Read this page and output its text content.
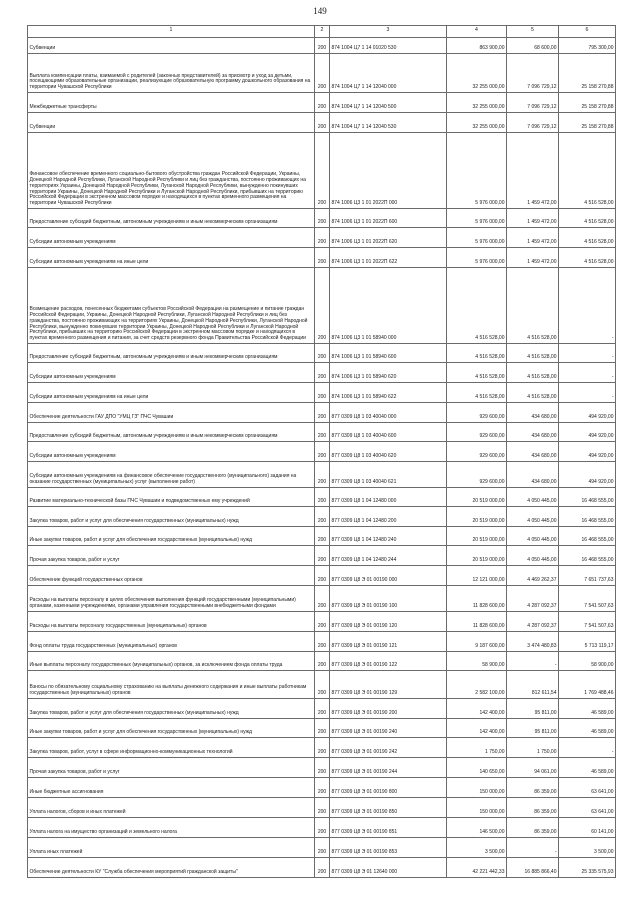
149
1	2	3	4	5	6
Субвенции	200	874 1004 Ц7 1 14 01020 530	863 900,00	68 600,00	795 300,00
Выплата компенсации платы, взимаемой с родителей (законных представителей) за присмотр и уход за детьми, посещающими образовательные организации, реализующие образовательную программу дошкольного образования на территории Чувашской Республики	200	874 1004 Ц7 1 14 12040 000	32 255 000,00	7 096 729,12	25 158 270,88
Межбюджетные трансферты	200	874 1004 Ц7 1 14 12040 500	32 255 000,00	7 096 729,12	25 158 270,88
Субвенции	200	874 1004 Ц7 1 14 12040 530	32 255 000,00	7 096 729,12	25 158 270,88
Финансовое обеспечение временного социально-бытового обустройства граждан Российской Федерации, Украины, Донецкой Народной Республики, Луганской Народной Республики и лиц без гражданства, постоянно проживающих на территориях Украины, Донецкой Народной Республики, Луганской Народной Республики, вынужденно покинувших территории Украины, Донецкой Народной Республики и Луганской Народной Республики, прибывших на территорию Российской Федерации в экстренном массовом порядке и находящихся в пунктах временного размещения на территории Чувашской Республики	200	874 1006 Ц3 1 01 2022П 000	5 976 000,00	1 459 472,00	4 516 528,00
Предоставление субсидий бюджетным, автономным учреждениям и иным некоммерческим организациям	200	874 1006 Ц3 1 01 2022П 600	5 976 000,00	1 459 472,00	4 516 528,00
Субсидии автономным учреждениям	200	874 1006 Ц3 1 01 2022П 620	5 976 000,00	1 459 472,00	4 516 528,00
Субсидии автономным учреждениям на иные цели	200	874 1006 Ц3 1 01 2022П 622	5 976 000,00	1 459 472,00	4 516 528,00
Возмещение расходов, понесенных бюджетами субъектов Российской Федерации на размещение и питание граждан Российской Федерации, Украины, Донецкой Народной Республики, Луганской Народной Республики и лиц без гражданства, постоянно проживающих на территориях Украины, Донецкой Народной Республики, Луганской Народной Республики, вынужденно покинувших территории Украины, Донецкой Народной Республики и Луганской Народной Республики, прибывших на территорию Российской Федерации в экстренном массовом порядке и находящихся в пунктах временного размещения и питания, за счет средств резервного фонда Правительства Российской Федерации	200	874 1006 Ц3 1 01 58940 000	4 516 528,00	4 516 528,00	-
Предоставление субсидий бюджетным, автономным учреждениям и иным некоммерческим организациям	200	874 1006 Ц3 1 01 58940 600	4 516 528,00	4 516 528,00	-
Субсидии автономным учреждениям	200	874 1006 Ц3 1 01 58940 620	4 516 528,00	4 516 528,00	-
Субсидии автономным учреждениям на иные цели	200	874 1006 Ц3 1 01 58940 622	4 516 528,00	4 516 528,00	-
Обеспечение деятельности ГАУ ДПО "УМЦ ГЗ" ПЧС Чувашии	200	877 0309 Ц8 1 03 40040 000	929 600,00	434 680,00	494 920,00
Предоставление субсидий бюджетным, автономным учреждениям и иным некоммерческим организациям	200	877 0309 Ц8 1 03 40040 600	929 600,00	434 680,00	494 920,00
Субсидии автономным учреждениям	200	877 0309 Ц8 1 03 40040 620	929 600,00	434 680,00	494 920,00
Субсидии автономным учреждениям на финансовое обеспечение государственного (муниципального) задания на оказание государственных (муниципальных) услуг (выполнение работ)	200	877 0309 Ц8 1 03 40040 621	929 600,00	434 680,00	494 920,00
Развитие материально-технической базы ПЧС Чувашии и подведомственных ему учреждений	200	877 0309 Ц8 1 04 12480 000	20 519 000,00	4 050 445,00	16 468 555,00
Закупка товаров, работ и услуг для обеспечения государственных (муниципальных) нужд	200	877 0309 Ц8 1 04 12480 200	20 519 000,00	4 050 445,00	16 468 555,00
Иные закупки товаров, работ и услуг для обеспечения государственных (муниципальных) нужд	200	877 0309 Ц8 1 04 12480 240	20 519 000,00	4 050 445,00	16 468 555,00
Прочая закупка товаров, работ и услуг	200	877 0309 Ц8 1 04 12480 244	20 519 000,00	4 050 445,00	16 468 555,00
Обеспечение функций государственных органов	200	877 0309 Ц8 Э 01 00190 000	12 121 000,00	4 469 262,37	7 651 737,63
Расходы на выплаты персоналу в целях обеспечения выполнения функций государственными (муниципальными) органами, казенными учреждениями, органами управления государственными внебюджетными фондами	200	877 0309 Ц8 Э 01 00190 100	11 828 600,00	4 287 092,37	7 541 507,63
Расходы на выплаты персоналу государственных (муниципальных) органов	200	877 0309 Ц8 Э 01 00190 120	11 828 600,00	4 287 092,37	7 541 507,63
Фонд оплаты труда государственных (муниципальных) органов	200	877 0309 Ц8 Э 01 00190 121	9 187 600,00	3 474 480,83	5 713 119,17
Иные выплаты персоналу государственных (муниципальных) органов, за исключением фонда оплаты труда	200	877 0309 Ц8 Э 01 00190 122	58 900,00	-	58 900,00
Взносы по обязательному социальному страхованию на выплаты денежного содержания и иные выплаты работникам государственных (муниципальных) органов	200	877 0309 Ц8 Э 01 00190 129	2 582 100,00	812 611,54	1 769 488,46
Закупка товаров, работ и услуг для обеспечения государственных (муниципальных) нужд	200	877 0309 Ц8 Э 01 00190 200	142 400,00	95 811,00	46 589,00
Иные закупки товаров, работ и услуг для обеспечения государственных (муниципальных) нужд	200	877 0309 Ц8 Э 01 00190 240	142 400,00	95 811,00	46 589,00
Закупка товаров, работ, услуг в сфере информационно-коммуникационных технологий	200	877 0309 Ц8 Э 01 00190 242	1 750,00	1 750,00	-
Прочая закупка товаров, работ и услуг	200	877 0309 Ц8 Э 01 00190 244	140 650,00	94 061,00	46 589,00
Иные бюджетные ассигнования	200	877 0309 Ц8 Э 01 00190 800	150 000,00	86 359,00	63 641,00
Уплата налогов, сборов и иных платежей	200	877 0309 Ц8 Э 01 00190 850	150 000,00	86 359,00	63 641,00
Уплата налога на имущество организаций и земельного налога	200	877 0309 Ц8 Э 01 00190 851	146 500,00	86 359,00	60 141,00
Уплата иных платежей	200	877 0309 Ц8 Э 01 00190 853	3 500,00	-	3 500,00
Обеспечение деятельности КУ "Служба обеспечения мероприятий гражданской защиты"	200	877 0309 Ц8 Э 01 12640 000	42 221 442,33	16 885 866,40	25 335 575,93
